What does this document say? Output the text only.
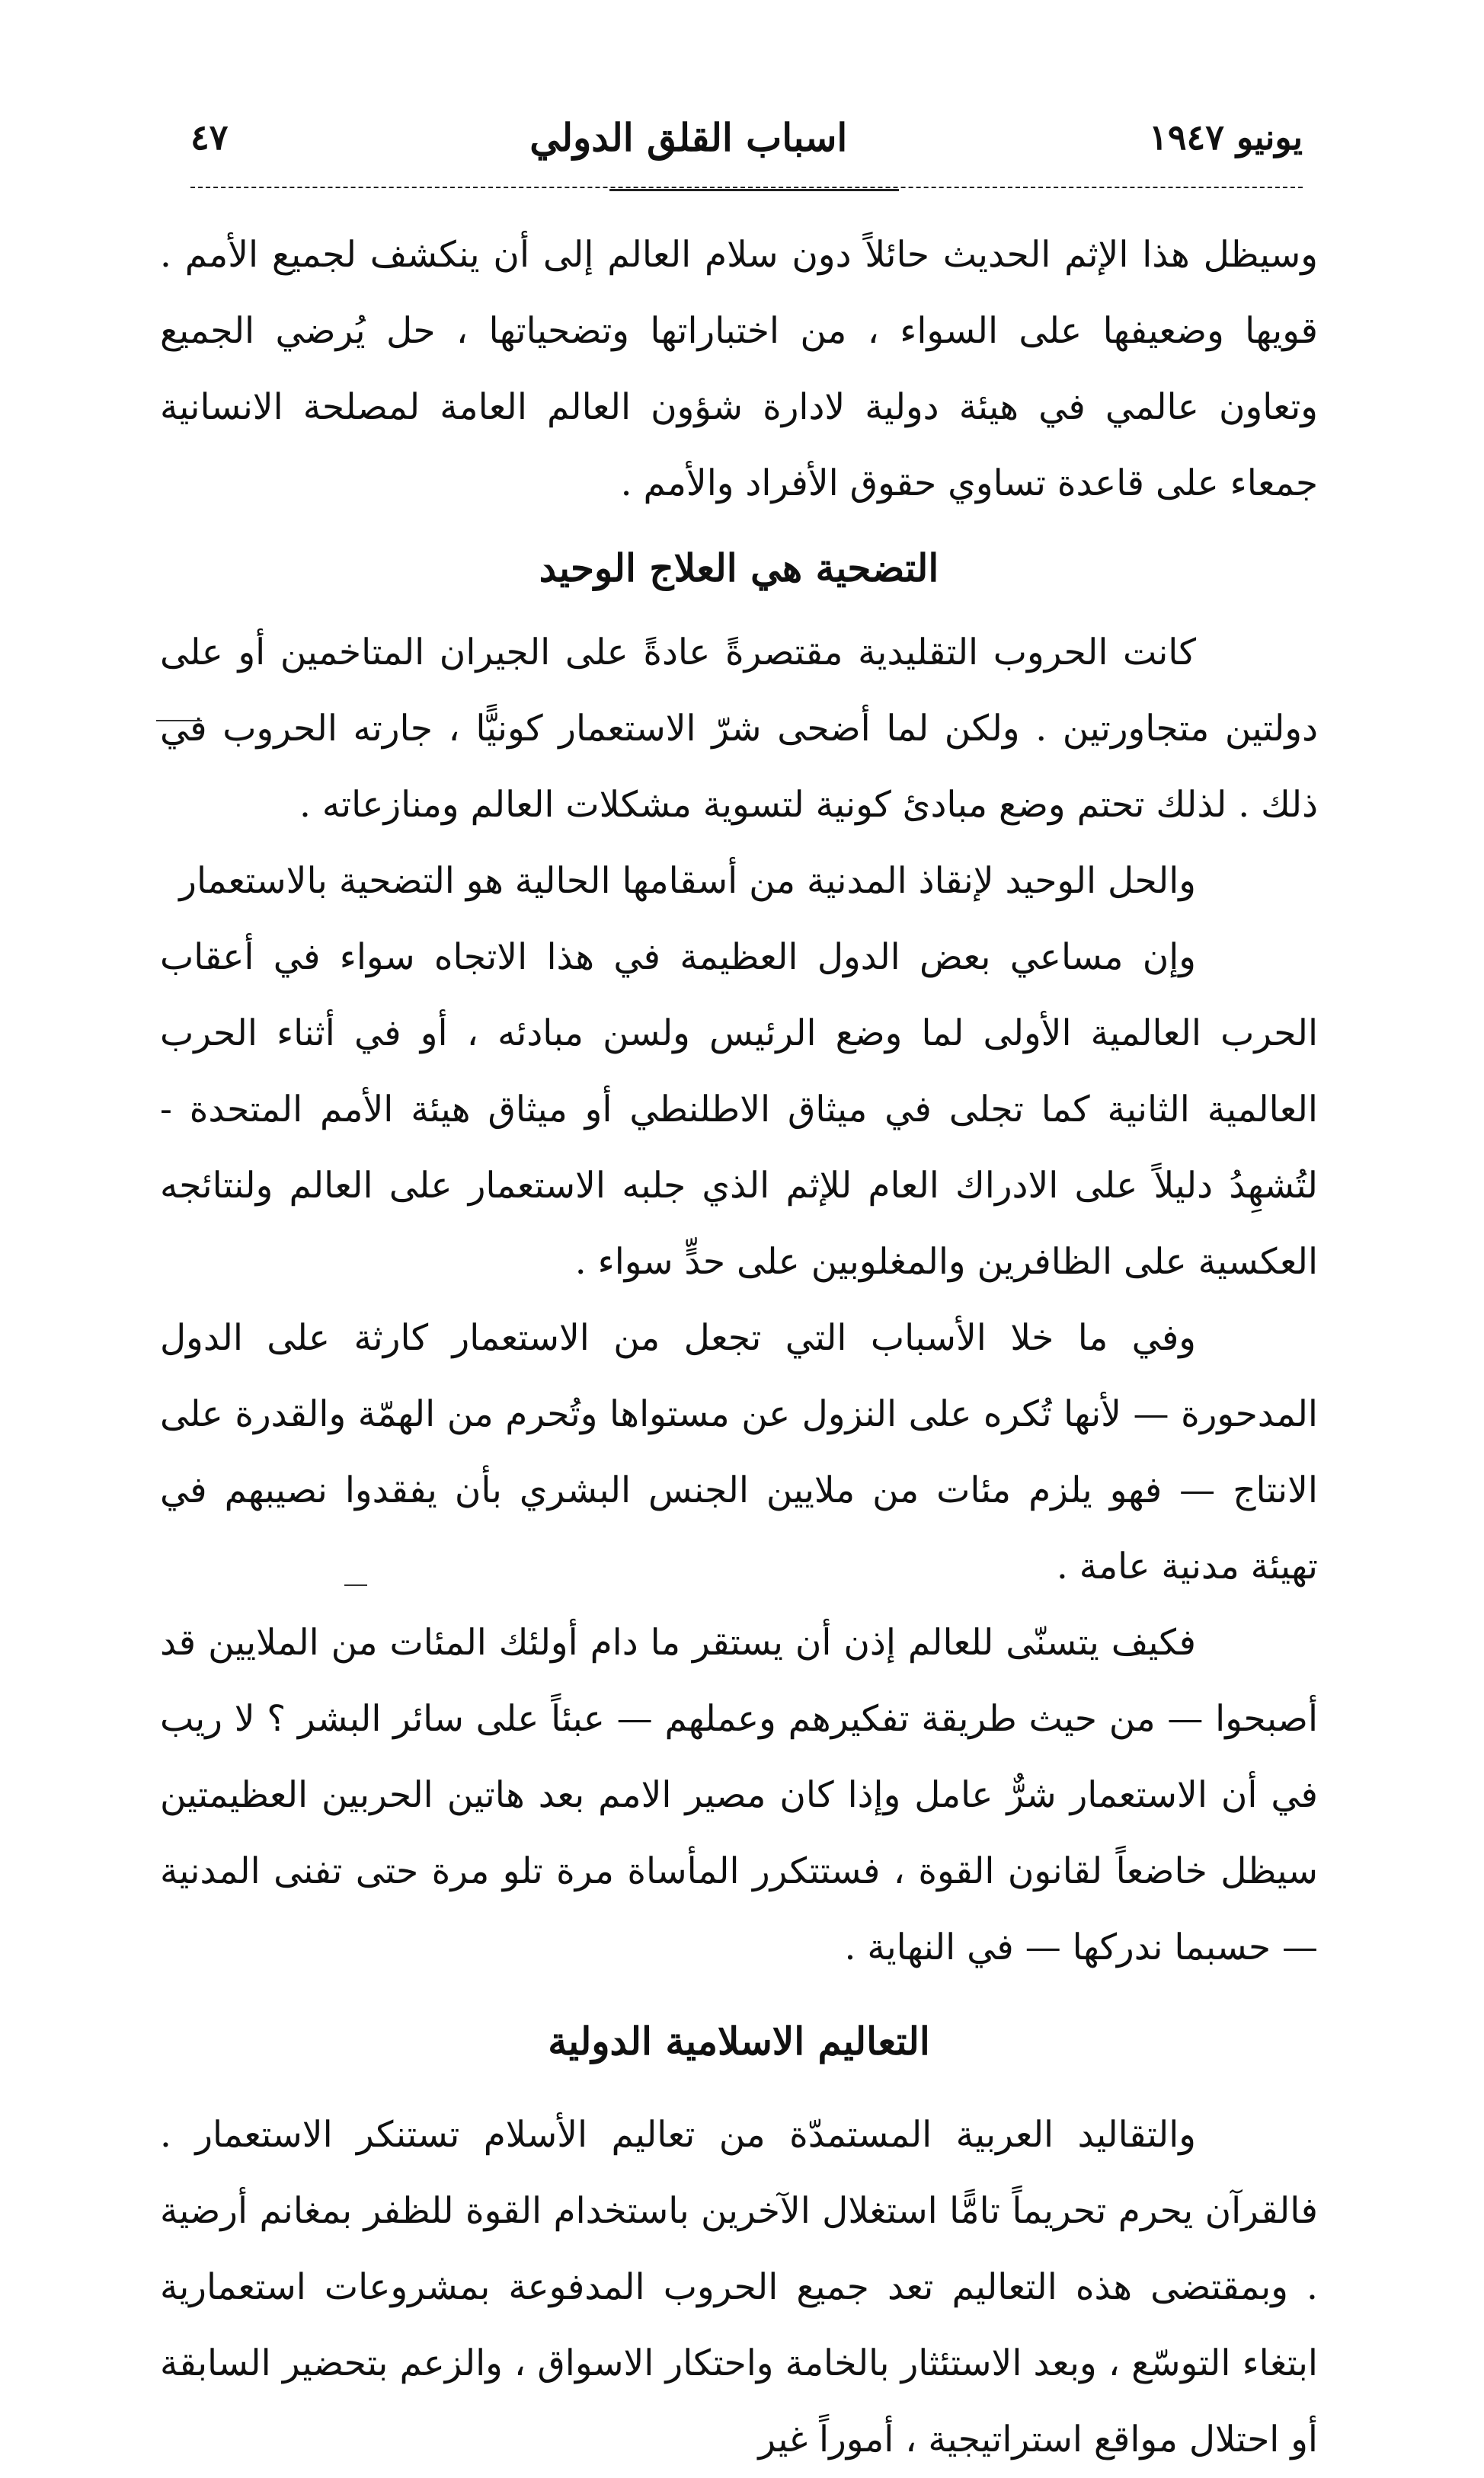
يونيو ١٩٤٧
اسباب القلق الدولي
٤٧

وسيظل هذا الإثم الحديث حائلاً دون سلام العالم إلى أن ينكشف لجميع الأمم . قويها وضعيفها على السواء ، من اختباراتها وتضحياتها ، حل يُرضي الجميع وتعاون عالمي في هيئة دولية لادارة شؤون العالم العامة لمصلحة الانسانية جمعاء على قاعدة تساوي حقوق الأفراد والأمم .

التضحية هي العلاج الوحيد

كانت الحروب التقليدية مقتصرةً عادةً على الجيران المتاخمين أو على دولتين متجاورتين . ولكن لما أضحى شرّ الاستعمار كونيًّا ، جارته الحروب في ذلك . لذلك تحتم وضع مبادئ كونية لتسوية مشكلات العالم ومنازعاته .

والحل الوحيد لإنقاذ المدنية من أسقامها الحالية هو التضحية بالاستعمار

وإن مساعي بعض الدول العظيمة في هذا الاتجاه سواء في أعقاب الحرب العالمية الأولى لما وضع الرئيس ولسن مبادئه ، أو في أثناء الحرب العالمية الثانية كما تجلى في ميثاق الاطلنطي أو ميثاق هيئة الأمم المتحدة - لتُشهِدُ دليلاً على الادراك العام للإثم الذي جلبه الاستعمار على العالم ولنتائجه العكسية على الظافرين والمغلوبين على حدٍّ سواء .

وفي ما خلا الأسباب التي تجعل من الاستعمار كارثة على الدول المدحورة — لأنها تُكره على النزول عن مستواها وتُحرم من الهمّة والقدرة على الانتاج — فهو يلزم مئات من ملايين الجنس البشري بأن يفقدوا نصيبهم في تهيئة مدنية عامة .

فكيف يتسنّى للعالم إذن أن يستقر ما دام أولئك المئات من الملايين قد أصبحوا — من حيث طريقة تفكيرهم وعملهم — عبئاً على سائر البشر ؟ لا ريب في أن الاستعمار شرٌّ عامل وإذا كان مصير الامم بعد هاتين الحربين العظيمتين سيظل خاضعاً لقانون القوة ، فستتكرر المأساة مرة تلو مرة حتى تفنى المدنية — حسبما ندركها — في النهاية .

التعاليم الاسلامية الدولية

والتقاليد العربية المستمدّة من تعاليم الأسلام تستنكر الاستعمار . فالقرآن يحرم تحريماً تامًّا استغلال الآخرين باستخدام القوة للظفر بمغانم أرضية . وبمقتضى هذه التعاليم تعد جميع الحروب المدفوعة بمشروعات استعمارية ابتغاء التوسّع ، وبعد الاستئثار بالخامة واحتكار الاسواق ، والزعم بتحضير السابقة أو احتلال مواقع استراتيجية ، أموراً غير
